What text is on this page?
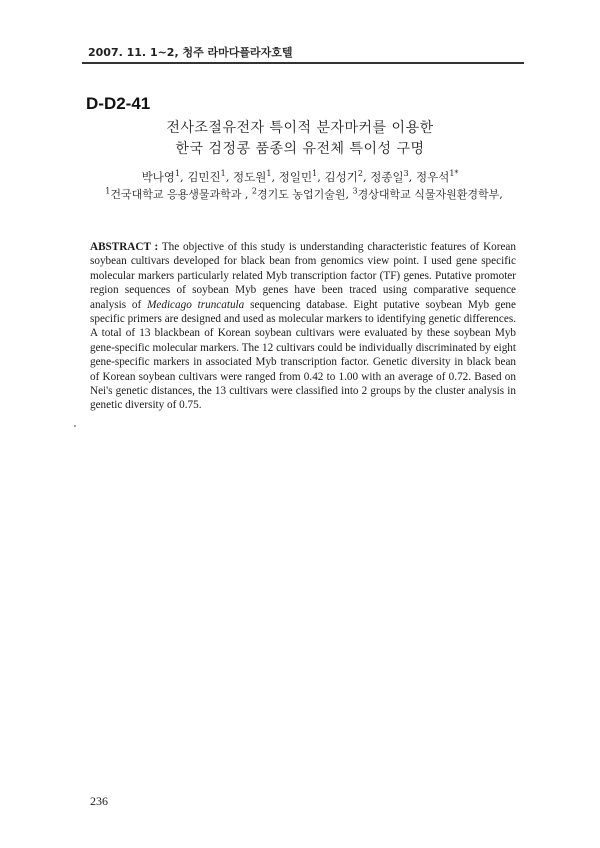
2007. 11. 1~2, 청주 라마다플라자호텔
D-D2-41
전사조절유전자 특이적 분자마커를 이용한
한국 검정콩 품종의 유전체 특이성 구명
박나영$^1$, 김민진$^1$, 정도원$^1$, 정일민$^1$, 김성기$^2$, 정종일$^3$, 정우석$^{1*}$
$^1$건국대학교 응용생물과학과 , $^2$경기도 농업기술원, $^3$경상대학교 식물자원환경학부,
ABSTRACT : The objective of this study is understanding characteristic features of Korean soybean cultivars developed for black bean from genomics view point. I used gene specific molecular markers particularly related Myb transcription factor (TF) genes. Putative promoter region sequences of soybean Myb genes have been traced using comparative sequence analysis of Medicago truncatula sequencing database. Eight putative soybean Myb gene specific primers are designed and used as molecular markers to identifying genetic differences. A total of 13 blackbean of Korean soybean cultivars were evaluated by these soybean Myb gene-specific molecular markers. The 12 cultivars could be individually discriminated by eight gene-specific markers in associated Myb transcription factor. Genetic diversity in black bean of Korean soybean cultivars were ranged from 0.42 to 1.00 with an average of 0.72. Based on Nei's genetic distances, the 13 cultivars were classified into 2 groups by the cluster analysis in genetic diversity of 0.75.
236
